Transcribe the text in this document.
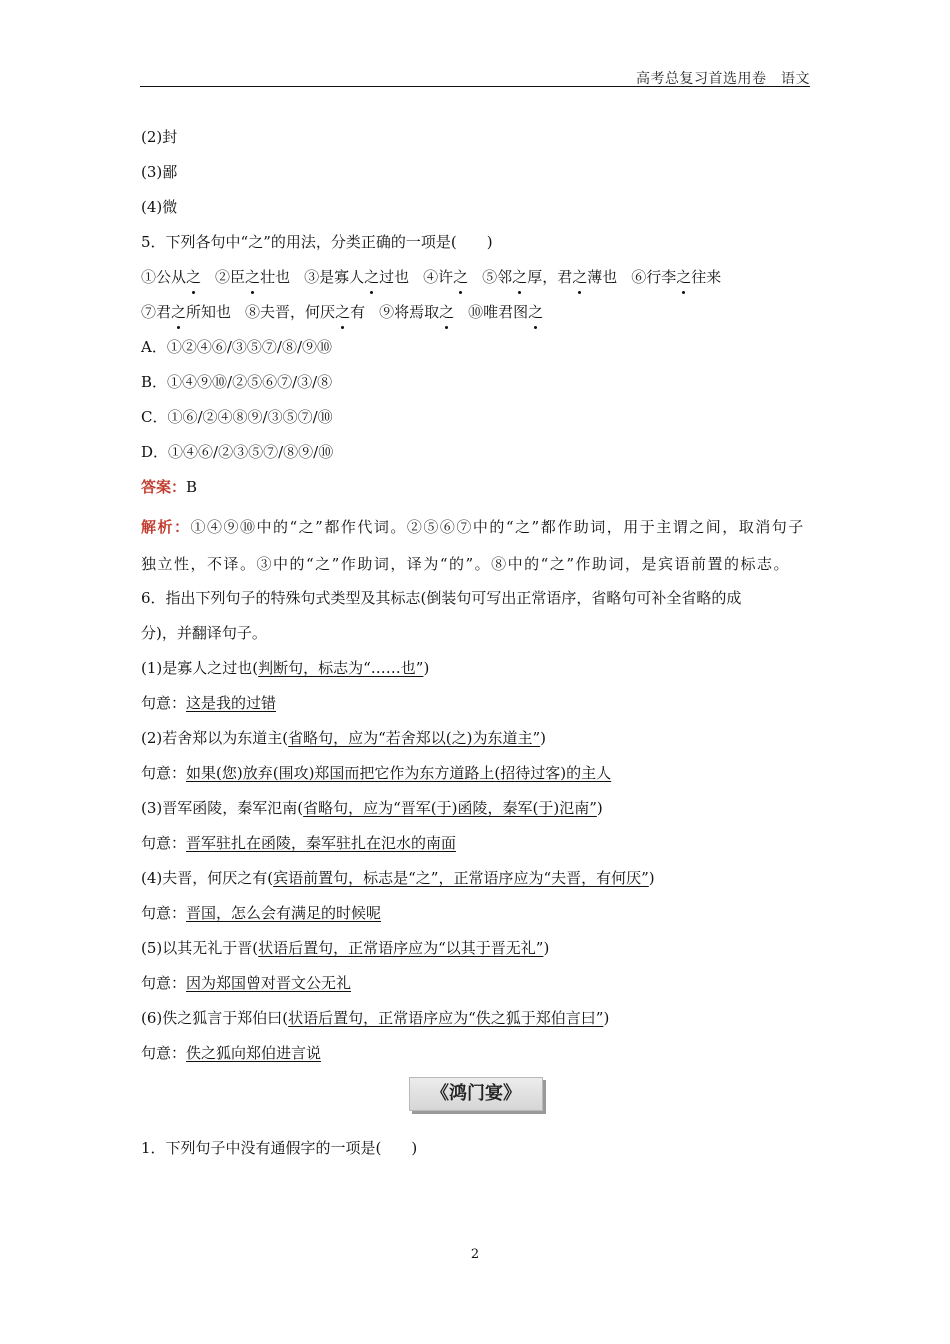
高考总复习首选用卷　语文
(2)封
(3)鄙
(4)微
5．下列各句中“之”的用法，分类正确的一项是(　　)
①公从之 ②臣之壮也 ③是寡人之过也 ④许之 ⑤邻之厚，君之薄也 ⑥行李之往来
⑦君之所知也 ⑧夫晋，何厌之有 ⑨将焉取之 ⑩唯君图之
A．①②④⑥/③⑤⑦/⑧/⑨⑩
B．①④⑨⑩/②⑤⑥⑦/③/⑧
C．①⑥/②④⑧⑨/③⑤⑦/⑩
D．①④⑥/②③⑤⑦/⑧⑨/⑩
答案：B
解析：①④⑨⑩中的“之”都作代词。②⑤⑥⑦中的“之”都作助词，用于主谓之间，取消句子独立性，不译。③中的“之”作助词，译为“的”。⑧中的“之”作助词，是宾语前置的标志。
6．指出下列句子的特殊句式类型及其标志(倒装句可写出正常语序，省略句可补全省略的成
分)，并翻译句子。
(1)是寡人之过也(判断句，标志为“……也”)
句意：这是我的过错
(2)若舍郑以为东道主(省略句，应为“若舍郑以(之)为东道主”)
句意：如果(您)放弃(围攻)郑国而把它作为东方道路上(招待过客)的主人
(3)晋军函陵，秦军氾南(省略句，应为“晋军(于)函陵，秦军(于)氾南”)
句意：晋军驻扎在函陵，秦军驻扎在氾水的南面
(4)夫晋，何厌之有(宾语前置句，标志是“之”，正常语序应为“夫晋，有何厌”)
句意：晋国，怎么会有满足的时候呢
(5)以其无礼于晋(状语后置句，正常语序应为“以其于晋无礼”)
句意：因为郑国曾对晋文公无礼
(6)佚之狐言于郑伯曰(状语后置句，正常语序应为“佚之狐于郑伯言曰”)
句意：佚之狐向郑伯进言说
《鸿门宴》
1．下列句子中没有通假字的一项是(　　)
2
